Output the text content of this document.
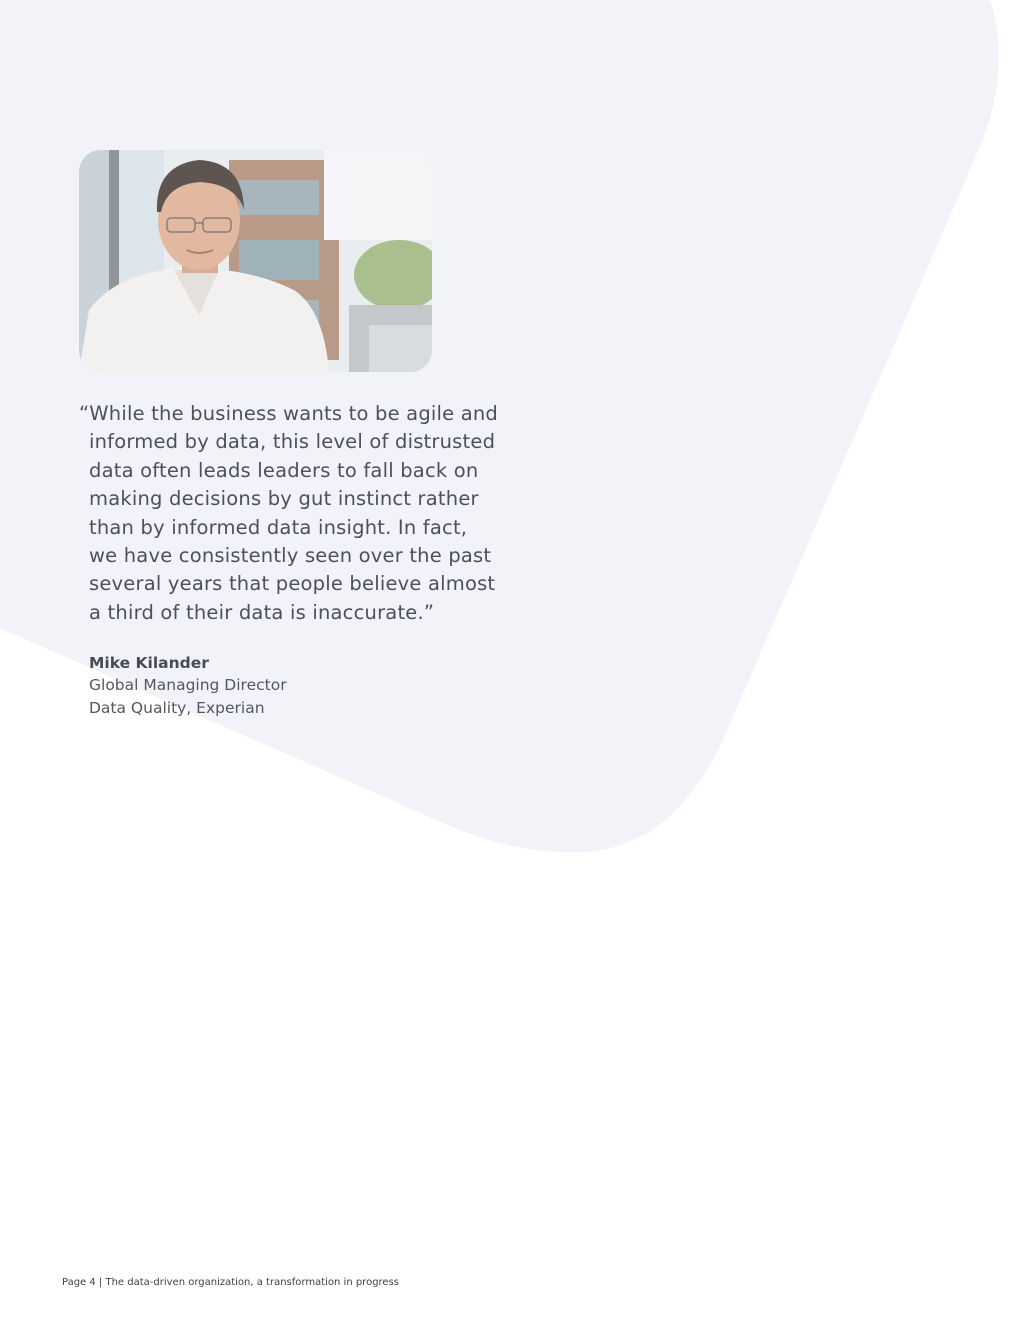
“While the business wants to be agile and
informed by data, this level of distrusted
data often leads leaders to fall back on
making decisions by gut instinct rather
than by informed data insight. In fact,
we have consistently seen over the past
several years that people believe almost
a third of their data is inaccurate.”
Mike Kilander
Global Managing Director
Data Quality, Experian
Page 4 | The data-driven organization, a transformation in progress
